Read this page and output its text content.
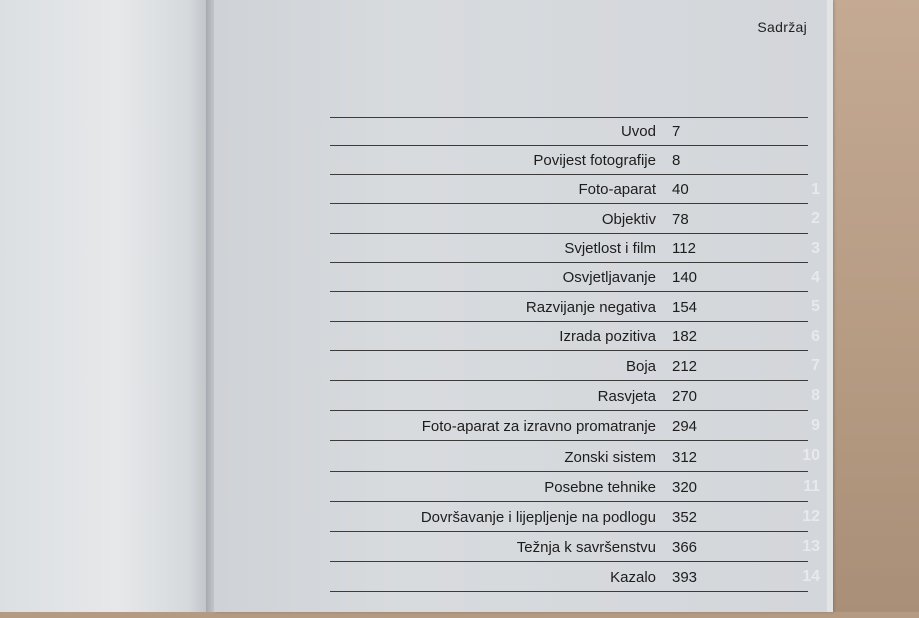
Sadržaj
Uvod 7
Povijest fotografije 8
1
Foto-aparat 40
2
Objektiv 78
3
Svjetlost i film 112
4
Osvjetljavanje 140
5
Razvijanje negativa 154
6
Izrada pozitiva 182
7
Boja 212
8
Rasvjeta 270
9
Foto-aparat za izravno promatranje 294
10
Zonski sistem 312
11
Posebne tehnike 320
12
Dovršavanje i lijepljenje na podlogu 352
13
Težnja k savršenstvu 366
14
Kazalo 393
